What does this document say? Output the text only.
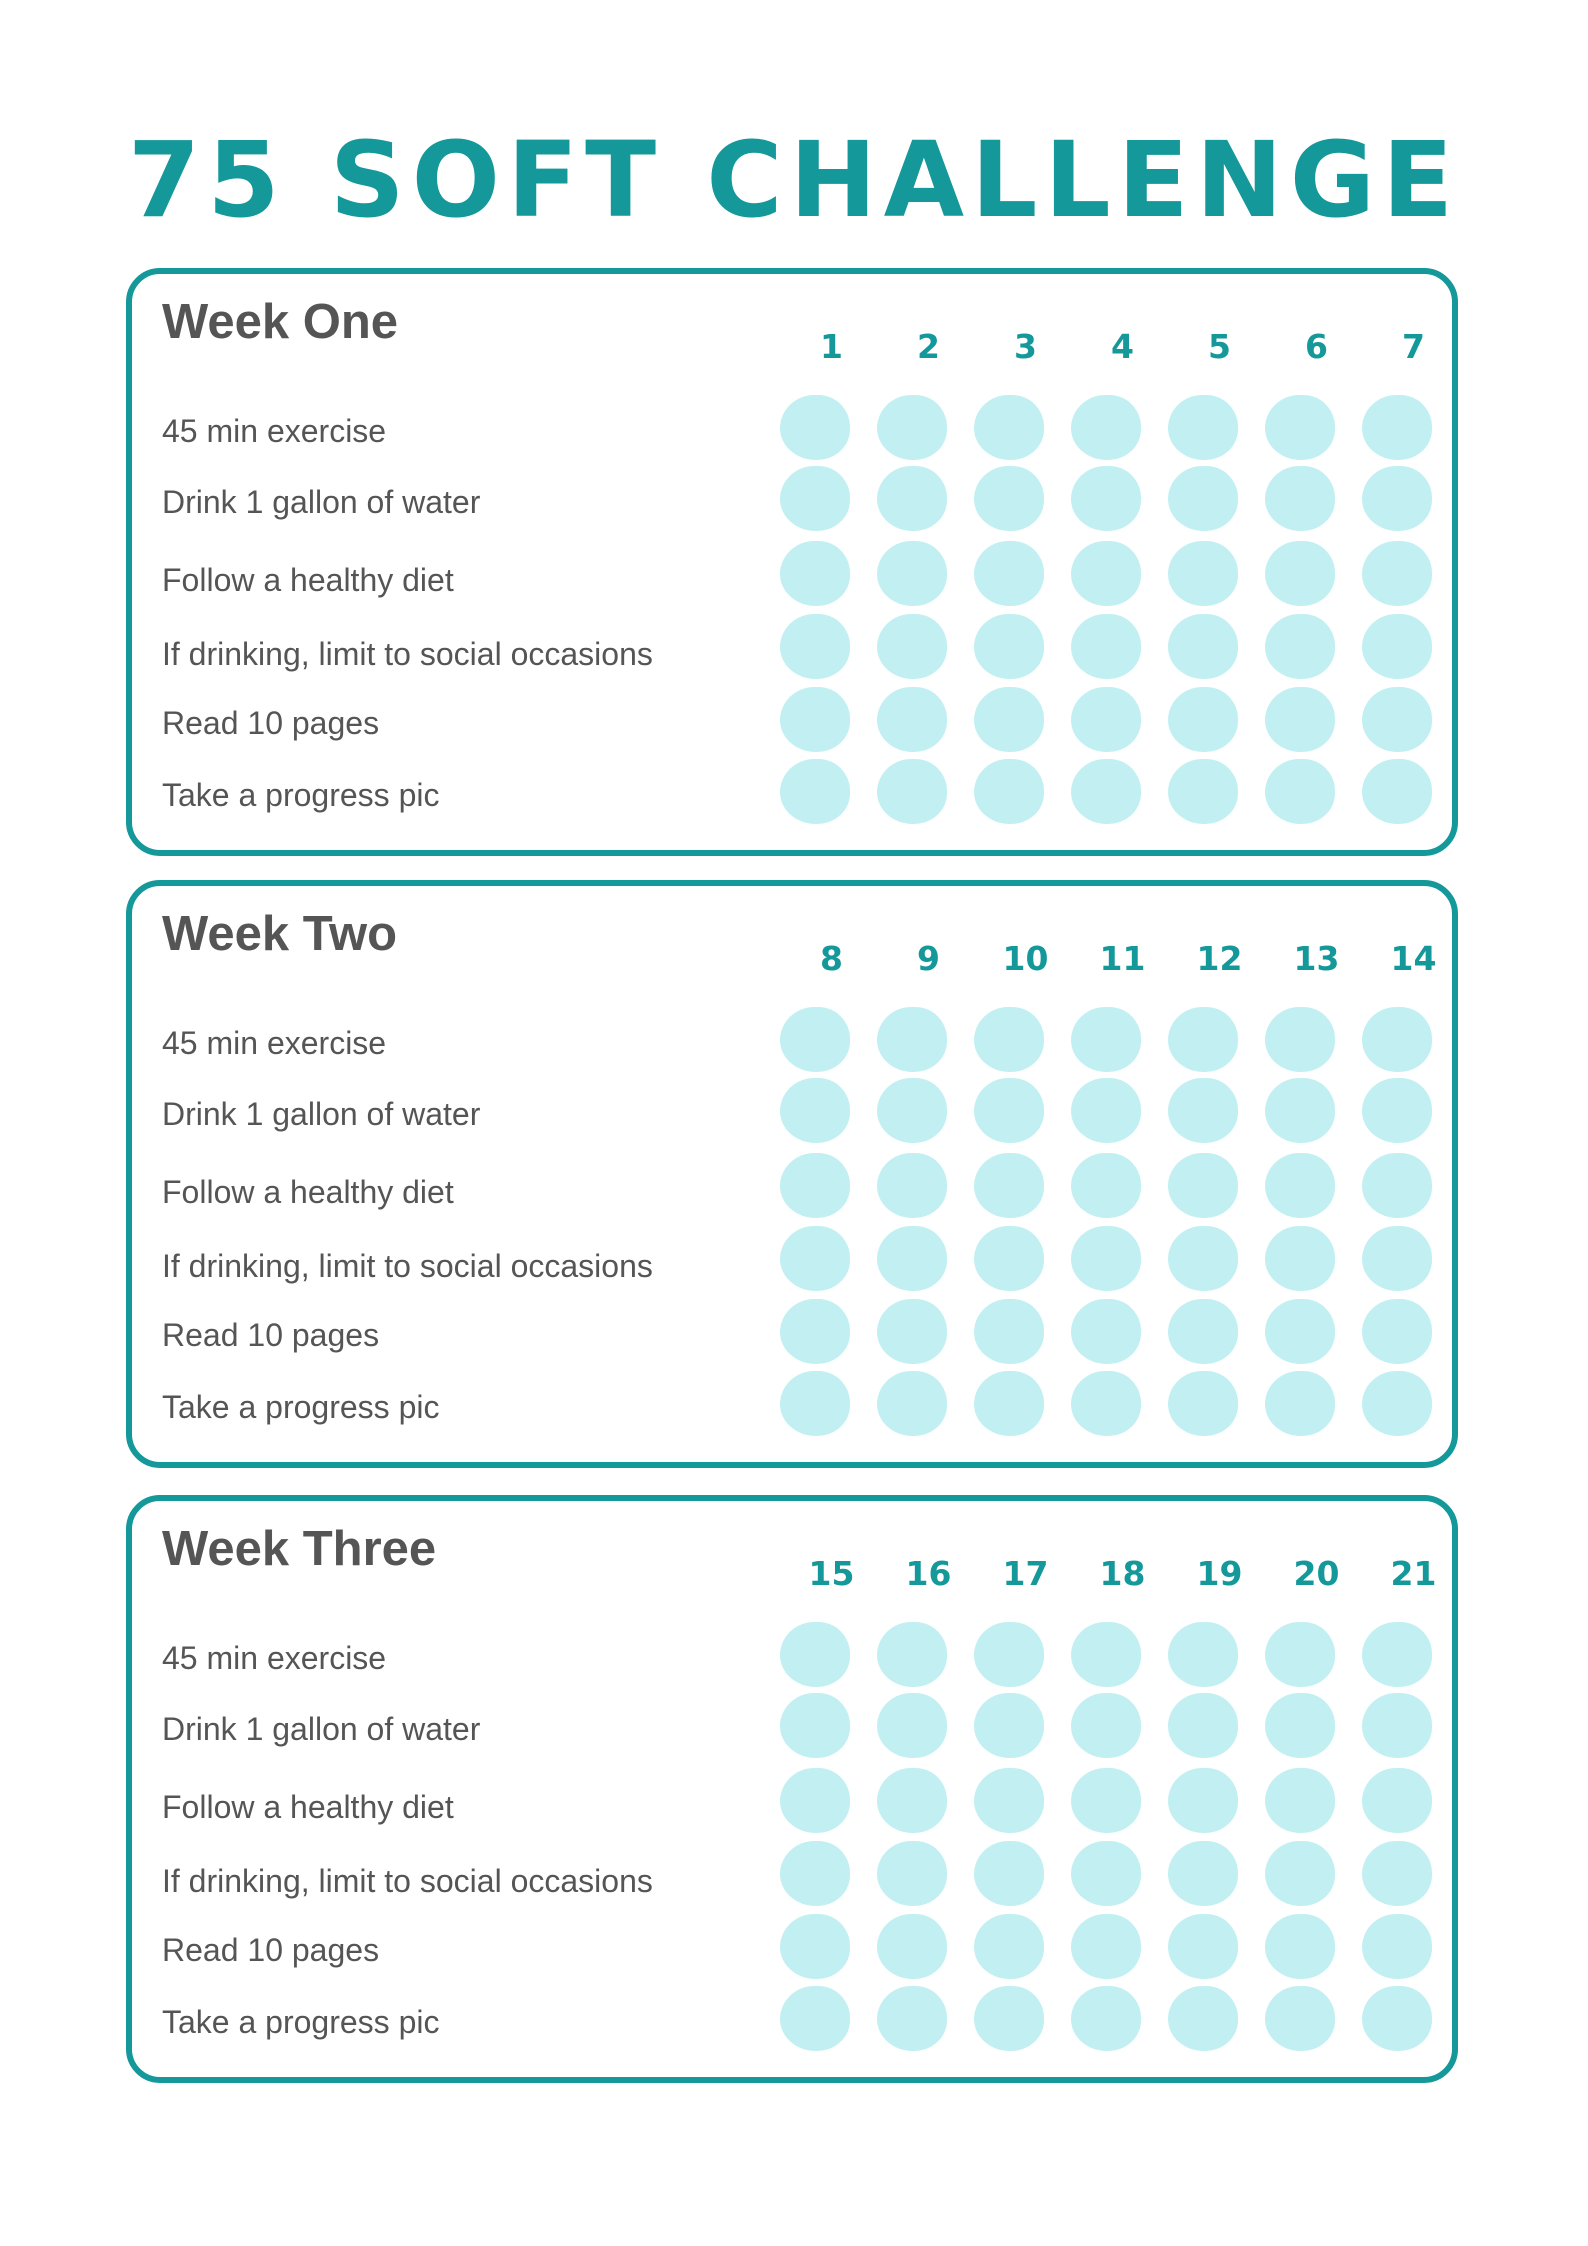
75 SOFT CHALLENGE
Week One	1	2	3	4	5	6	7
45 min exercise
Drink 1 gallon of water
Follow a healthy diet
If drinking, limit to social occasions
Read 10 pages
Take a progress pic
Week Two	8	9	10	11	12	13	14
45 min exercise
Drink 1 gallon of water
Follow a healthy diet
If drinking, limit to social occasions
Read 10 pages
Take a progress pic
Week Three	15	16	17	18	19	20	21
45 min exercise
Drink 1 gallon of water
Follow a healthy diet
If drinking, limit to social occasions
Read 10 pages
Take a progress pic
